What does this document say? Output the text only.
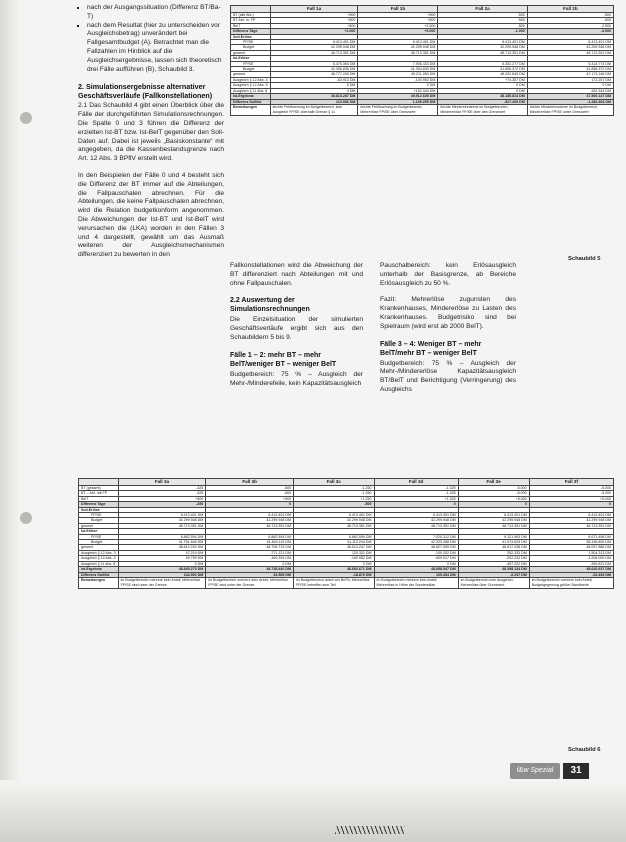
▪ nach der Ausgangssituation (Differenz BT/Ba-T)
▪ nach dem Resultat (hier zu unterscheiden vor Ausgleichsbetrag) unverändert bei Fallgesamtbudget (A). Betrachtet man die Fallzahlen im Hinblick auf die Ausgleichsergebnisse, lassen sich theoretisch drei Fälle aufführen (B), Schaubild 3.
2. Simulationsergebnisse alternativer Geschäftsverläufe (Fallkonstellationen)

2.1 Das Schaubild 4 gibt einen Überblick über die Fälle der durchgeführten Simulationsrechnungen. Die Spalte 0 und 3 führen die Differenz der erzielten Ist-BT bzw. Ist-BelT gegenüber den Soll-Daten auf. Dabei ist jeweils „Basiskonstante“ mit angegeben, da die Kassenbestandsgrenze nach Art. 12 Abs. 3 BPflV erstellt wird.

In den Beispielen der Fälle 0 und 4 besteht sich die Differenz der BT immer auf die Abteilungen, die Fallpauschalen abrechnen. Für die Abteilungen, die keine Fallpauschalen abrechnen, wird die Relation budgetkonform angenommen. Die Abweichungen der Ist-BT und Ist-BelT wird verursachen die (LKA) worden in den Fällen 3 und 4 dargestellt, gewählt um das Ausmaß weiteren der Ausgleichsmechanismen differenziert zu bewerten in den

	Fall 1a	Fall 1b	Fall 2a	Fall 2b
BT (alle Abt.)	+500	+500	-500	-500
BT Abt. m. FP	+500	+500	-500	-500
BelT	+500	+2.500	-500	-2.500
Differenz Tage	+1.000	+3.000	-1.000	-3.000
Soll-Erlöse				
FP/SE	6.413.401 DM	6.413.401 DM	6.413.401 DM	6.413.401 DM
Budget	42.299.948 DM	42.299.948 DM	42.299.948 DM	42.299.948 DM
gesamt	48.713.351 DM	48.713.351 DM	48.713.351 DM	48.713.351 DM
Ist-Erlöse				
FP/SE	6.470.364 DM	7.906.433 DM	6.352.277 DM	5.314.774 DM
Budget	42.306.836 DM	41.304.830 DM	41.850.372 DM	41.858.372 DM
gesamt	48.777.200 DM	49.211.263 DM	48.202.649 DM	47.173.146 DM
Ausgleich § 12 Abs. 4	-63.913 DM	-103.952 DM	+74.357 DM	173.257 DM
Ausgleich § 12 Abs. 5	0 DM	0 DM	0 DM	0 DM
Ausgleich § 11 Abs. 8	0 DM	+152.344 DM	0 DM	-152.344 DM
Ist-Ergebnis	48.813.287 DM	49.912.605 DM	48.185.814 DM	47.500.147 DM
Differenz Soll/Ist	113.936 DM	1.199.255 DM	-527.409 DM	-1.282.404 DM
Bemerkungen	leichte Fehlbuchung im Budgetbereich, kein Ausgleich FP/SE oberhalb Grenze § 11	leichte Fehlbuchung im Budgetbereich, Mehrerlöse FP/SE über Grenzwert	leichte Mindereinnahme im Budgetbereich, Mindererlöse FP/SE über den Grenzwert	leichte Mindereinnahme im Budgetbereich, Mindererlöse FP/SE unter Grenzwert
Schaubild 5

Fallkonstellationen wird die Abweichung der BT differenziert nach Abteilungen mit und ohne Fallpauschalen.

2.2 Auswertung der Simulationsrechnungen

Die Einzelsituation der simulierten Geschäftsverläufe ergibt sich aus den Schaubildern 5 bis 9.

Fälle 1 – 2: mehr BT – mehr BelT/weniger BT – weniger BelT

Budgetbereich: 75 % – Ausgleich der Mehr-/Minderefeile, kein Kapazitätsausgleich

Pauschalbereich: kein Erlösausgleich unterhalb der Basisgrenze, ab Bereiche Erlösausgleich zu 50 %.

Fazit: Mehrerlöse zugunsten des Krankenhauses, Mindererlöse zu Lasten des Krankenhauses. Budgetrisiko sind bei Spielraum (wird erst ab 2000 BelT).

Fälle 3 – 4: Weniger BT – mehr BelT/mehr BT – weniger BelT

Budgetbereich: 75 % – Ausgleich der Mehr-/Mindererlöse Kapazitätsausgleich BT/BelT und Berichtigung (Verringerung) des Ausgleichs

	Fall 3a	Fall 3b	Fall 3c	Fall 3d	Fall 3e	Fall 3f
BT (gesamt)	-325	-500	-1.250	-1.325	-5.000	-5.000
BT – Abt. mit FP	-325	-500	-1.250	-1.325	-5.000	-5.000
BelT	+500	+500	+1.250	+1.325	+5.000	+5.000
Differenz Tage	-250	0	-500	0	0	0
Soll-Erlöse						
FP/SE	6.413.401 DM	6.413.401 DM	6.413.401 DM	6.413.401 DM	6.413.401 DM	6.413.401 DM
Budget	42.299.948 DM	42.299.948 DM	42.299.948 DM	42.299.948 DM	42.299.948 DM	42.299.948 DM
gesamt	48.713.351 DM	48.713.351 DM	48.713.351 DM	48.713.351 DM	48.713.351 DM	48.713.351 DM
Ist-Erlöse						
FP/SE	6.862.594 DM	6.862.594 DM	6.862.599 DM	7.020.312 DM	9.121.993 DM	6.671.498 DM
Budget	41.751.646 DM	41.844.119 DM	41.112.244 DM	42.323.288 DM	41.574.625 DM	38.196.890 DM
gesamt	48.614.240 DM	48.706.713 DM	48.013.247 DM	48.827.595 DM	48.817.438 DM	48.057.886 DM
Ausgleich § 12 Abs. 3	47.219 DM	271.121 DM	120.321 DM	-100.202 DM	252.333 DM	1.504.313 DM
Ausgleich § 12 Abs. 4	49.799 DM	-160.394 DM	-160.952 DM	-609.517 DM	-202.232 DM	-1.206.000 DM
Ausgleich § 11 Abs. 8	0 DM	0 DM	0 DM	0 DM	-457.222 DM	-390.621 DM
Ist-Ergebnis	48.849.273 DM	48.738.440 DM	48.692.671 DM	48.858.547 DM	48.398.134 DM	48.620.637 DM
Differenz Soll/Ist	144.902 DM	34.989 DM	-18.876 DM	105.454 DM	-9.247 DM	-63.494 DM
Bemerkungen	im Budgetbereich mehrere kein Anteil; Mehrerlöse FP/SE sind unter der Grenze	im Budgetbereich mehrere kein Anteil; Mehrerlöse FP/SE sind unter der Grenze	im Budgetbereich Anteil am BelTe; Mehrerlöse FP/SE betreffen zum Teil	im Budgetbereich mehrere kein Anteil; Mehrerlöse in Höhe der Sondersätze	im Budgetbereich kein Ausgleich; Mehrerlöse über Grenzwert	im Budgetbereich mehrere kein Anteil; Budgetgegenzug größer Bandbreite
Schaubild 6
f&w Spezial	31
